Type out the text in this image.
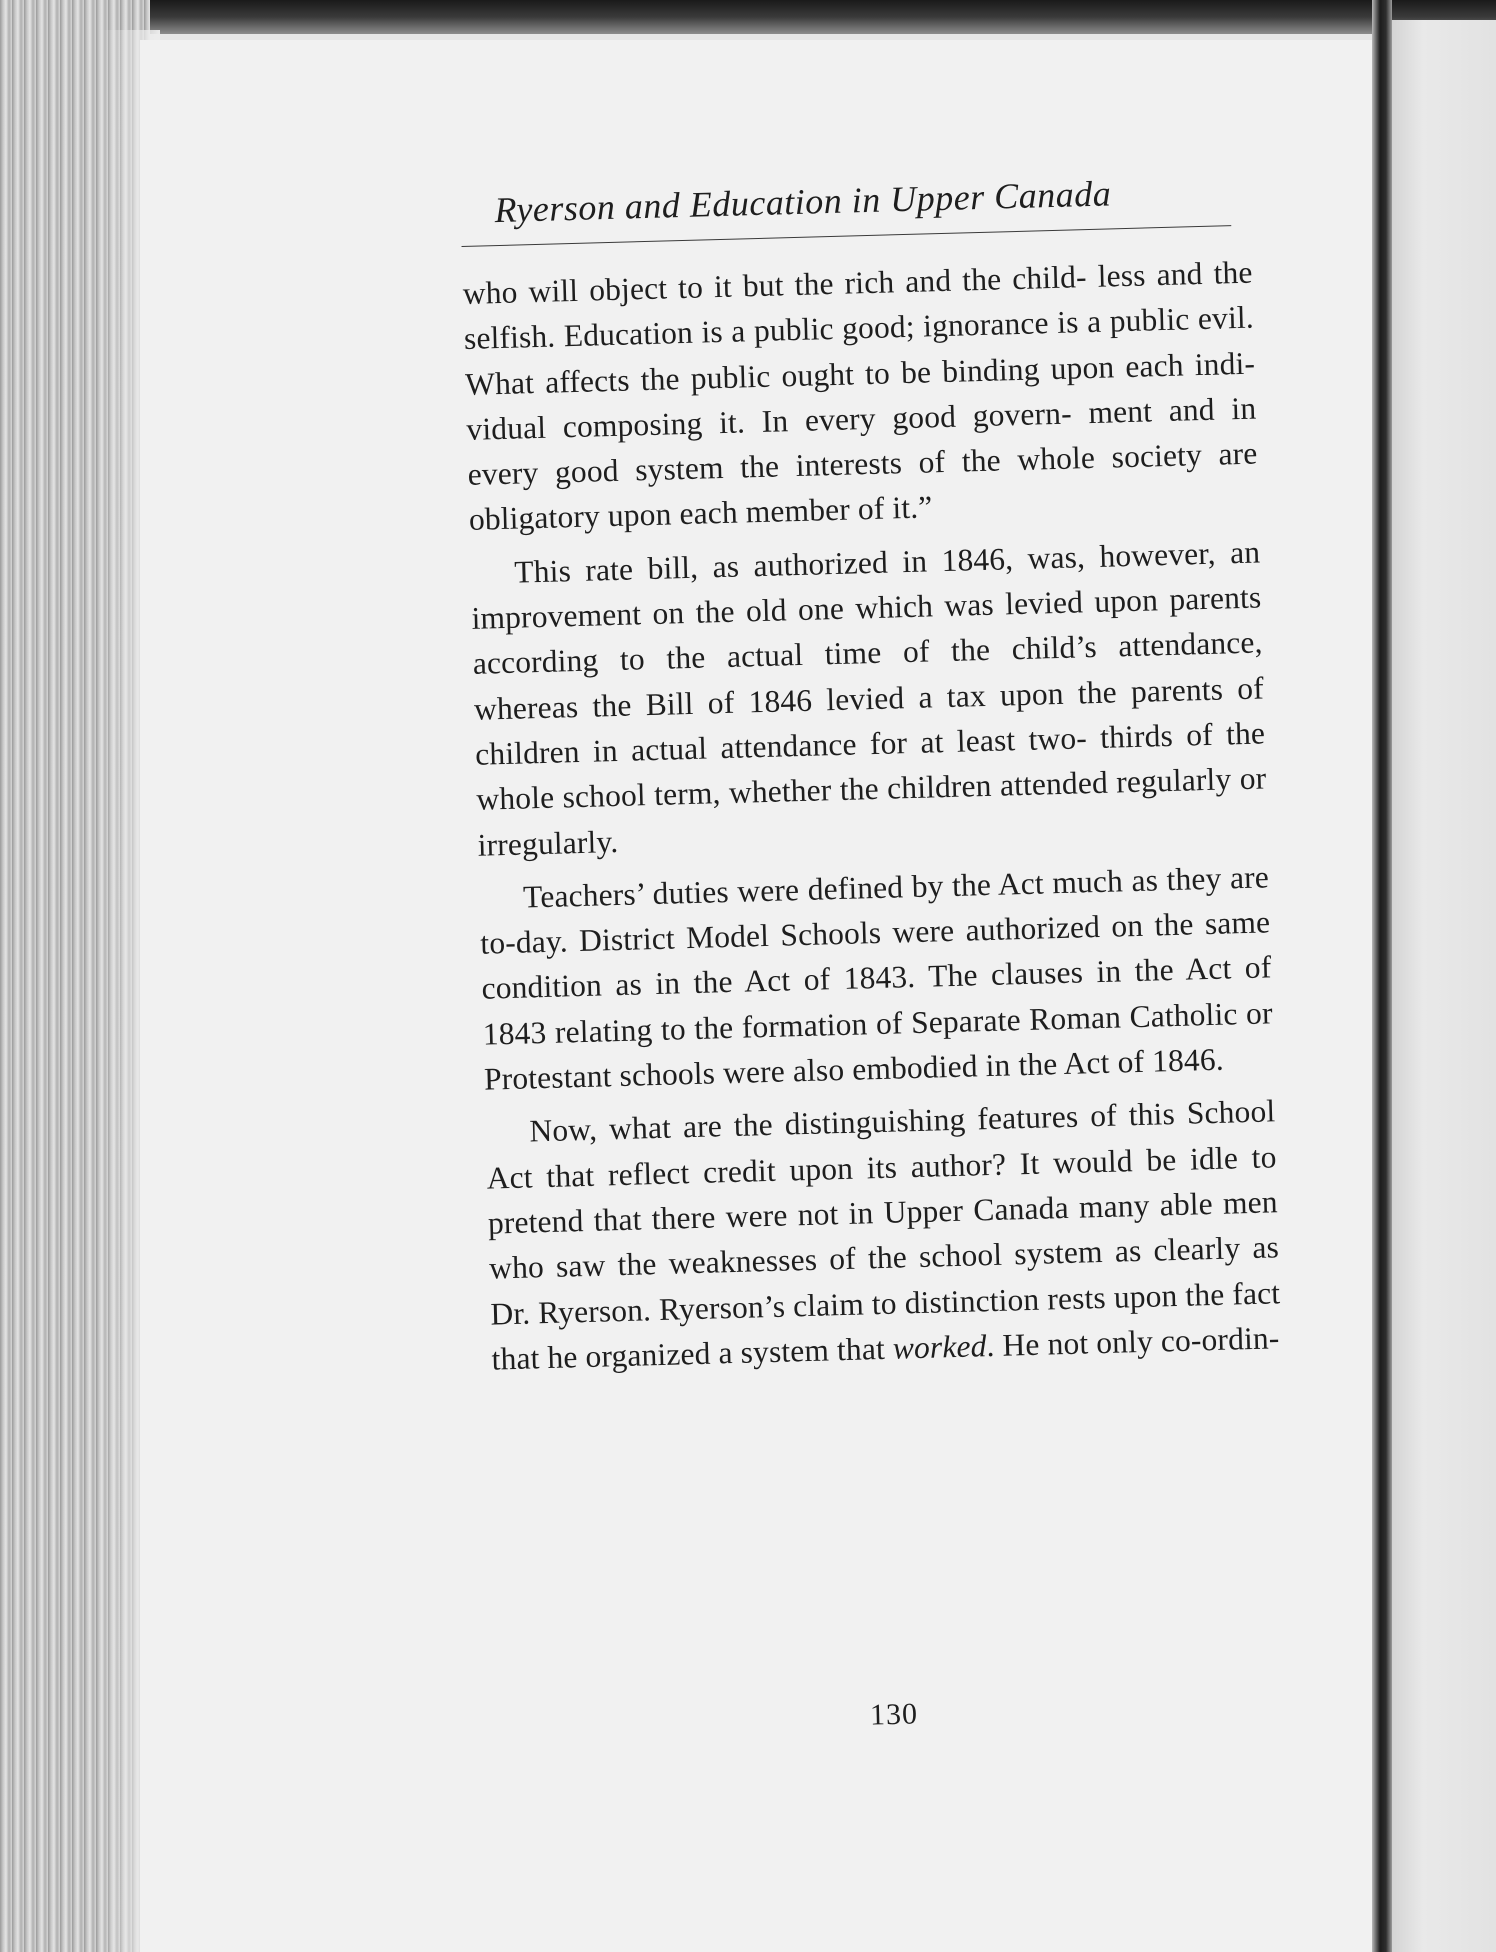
Ryerson and Education in Upper Canada

who will object to it but the rich and the child- less and the selfish. Education is a public good; ignorance is a public evil. What affects the public ought to be binding upon each indi- vidual composing it. In every good govern- ment and in every good system the interests of the whole society are obligatory upon each member of it.”

This rate bill, as authorized in 1846, was, however, an improvement on the old one which was levied upon parents according to the actual time of the child’s attendance, whereas the Bill of 1846 levied a tax upon the parents of children in actual attendance for at least two- thirds of the whole school term, whether the children attended regularly or irregularly.

Teachers’ duties were defined by the Act much as they are to-day. District Model Schools were authorized on the same condition as in the Act of 1843. The clauses in the Act of 1843 relating to the formation of Separate Roman Catholic or Protestant schools were also embodied in the Act of 1846.

Now, what are the distinguishing features of this School Act that reflect credit upon its author? It would be idle to pretend that there were not in Upper Canada many able men who saw the weaknesses of the school system as clearly as Dr. Ryerson. Ryerson’s claim to distinction rests upon the fact that he organized a system that worked. He not only co-ordin-

130
